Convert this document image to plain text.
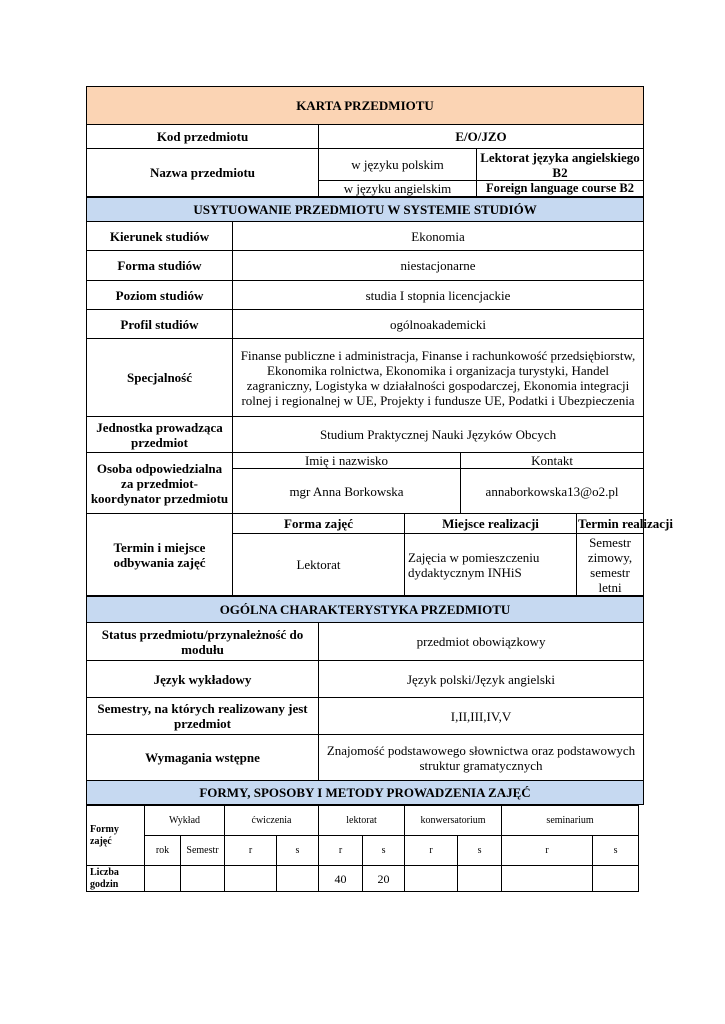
KARTA PRZEDMIOTU		
Kod przedmiotu	E/O/JZO	
Nazwa przedmiotu	w języku polskim	Lektorat języka angielskiego B2
	w języku angielskim	Foreign language course B2
USYTUOWANIE PRZEDMIOTU W SYSTEMIE STUDIÓW				
Kierunek studiów	Ekonomia			
Forma studiów	niestacjonarne			
Poziom studiów	studia I stopnia licencjackie			
Profil studiów	ogólnoakademicki			
Specjalność	Finanse publiczne i administracja, Finanse i rachunkowość przedsiębiorstw, Ekonomika rolnictwa, Ekonomika i organizacja turystyki, Handel zagraniczny, Logistyka w działalności gospodarczej, Ekonomia integracji rolnej i regionalnej w UE, Projekty i fundusze UE, Podatki i Ubezpieczenia			
Jednostka prowadząca przedmiot	Studium Praktycznej Nauki Języków Obcych			
Osoba odpowiedzialna za przedmiot- koordynator przedmiotu	Imię i nazwisko		Kontakt	
	mgr Anna Borkowska		annaborkowska13@o2.pl	
Termin i miejsce odbywania zajęć	Forma zajęć	Miejsce realizacji		Termin realizacji
	Lektorat	Zajęcia w pomieszczeniu dydaktycznym INHiS		Semestr zimowy, semestr letni
OGÓLNA CHARAKTERYSTYKA PRZEDMIOTU	
Status przedmiotu/przynależność do modułu	przedmiot obowiązkowy
Język wykładowy	Język polski/Język angielski
Semestry, na których realizowany jest przedmiot	I,II,III,IV,V
Wymagania wstępne	Znajomość podstawowego słownictwa oraz podstawowych struktur gramatycznych
FORMY, SPOSOBY I METODY PROWADZENIA ZAJĘĆ	
Formy zajęć	Wykład		ćwiczenia		lektorat		konwersatorium		seminarium	
	rok	Semestr	r	s	r	s	r	s	r	s
Liczba godzin					40	20				
